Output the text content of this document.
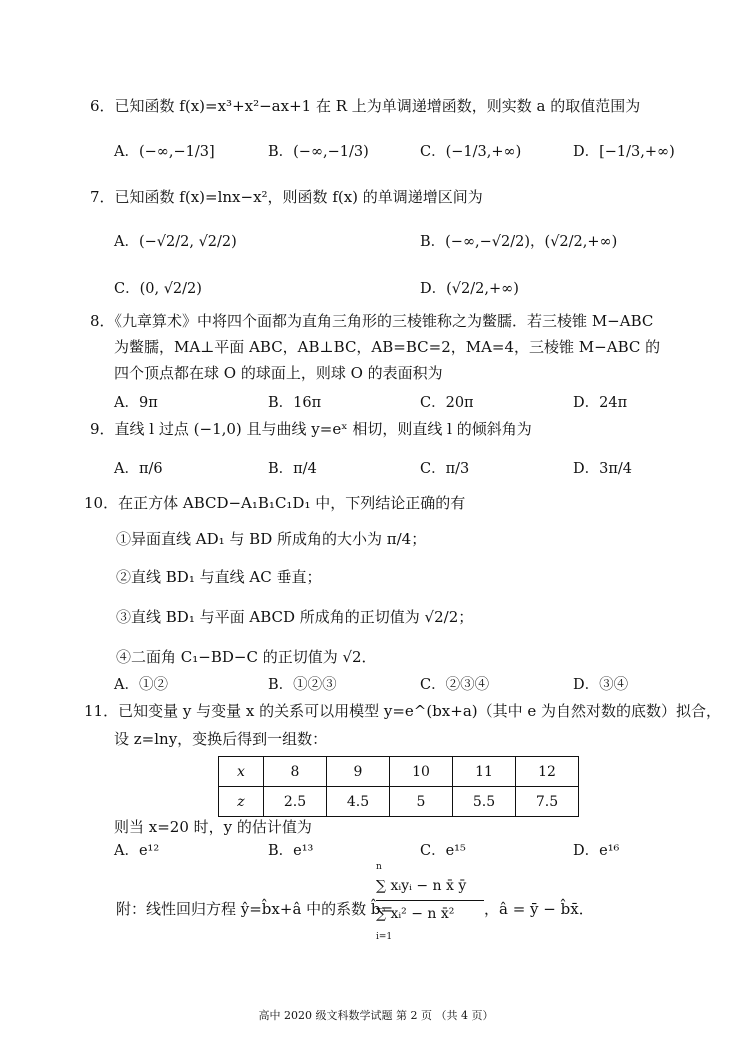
6．已知函数 f(x)=x³+x²−ax+1 在 R 上为单调递增函数，则实数 a 的取值范围为
A．(−∞,−1/3]	B．(−∞,−1/3)	C．(−1/3,+∞)	D．[−1/3,+∞)
7．已知函数 f(x)=lnx−x²，则函数 f(x) 的单调递增区间为
A．(−√2/2, √2/2)	B．(−∞,−√2/2)，(√2/2,+∞)
C．(0, √2/2)	D．(√2/2,+∞)
8．《九章算术》中将四个面都为直角三角形的三棱锥称之为鳖臑．若三棱锥 M−ABC
为鳖臑，MA⊥平面 ABC，AB⊥BC，AB=BC=2，MA=4，三棱锥 M−ABC 的
四个顶点都在球 O 的球面上，则球 O 的表面积为
A．9π	B．16π	C．20π	D．24π
9．直线 l 过点 (−1,0) 且与曲线 y=eˣ 相切，则直线 l 的倾斜角为
A．π/6	B．π/4	C．π/3	D．3π/4
10．在正方体 ABCD−A₁B₁C₁D₁ 中，下列结论正确的有
①异面直线 AD₁ 与 BD 所成角的大小为 π/4；
②直线 BD₁ 与直线 AC 垂直；
③直线 BD₁ 与平面 ABCD 所成角的正切值为 √2/2；
④二面角 C₁−BD−C 的正切值为 √2．
A．①②	B．①②③	C．②③④	D．③④
11．已知变量 y 与变量 x 的关系可以用模型 y=e^(bx+a)（其中 e 为自然对数的底数）拟合，
设 z=lny，变换后得到一组数：
x	8	9	10	11	12
z	2.5	4.5	5	5.5	7.5
则当 x=20 时，y 的估计值为
A．e¹²	B．e¹³	C．e¹⁵	D．e¹⁶
附：线性回归方程 ŷ=b̂x+â 中的系数 b̂=
n
∑ xᵢyᵢ − n x̄ ȳ
∑ xᵢ² − n x̄²
i=1
，â = ȳ − b̂x̄．
高中 2020 级文科数学试题 第 2 页 （共 4 页）
